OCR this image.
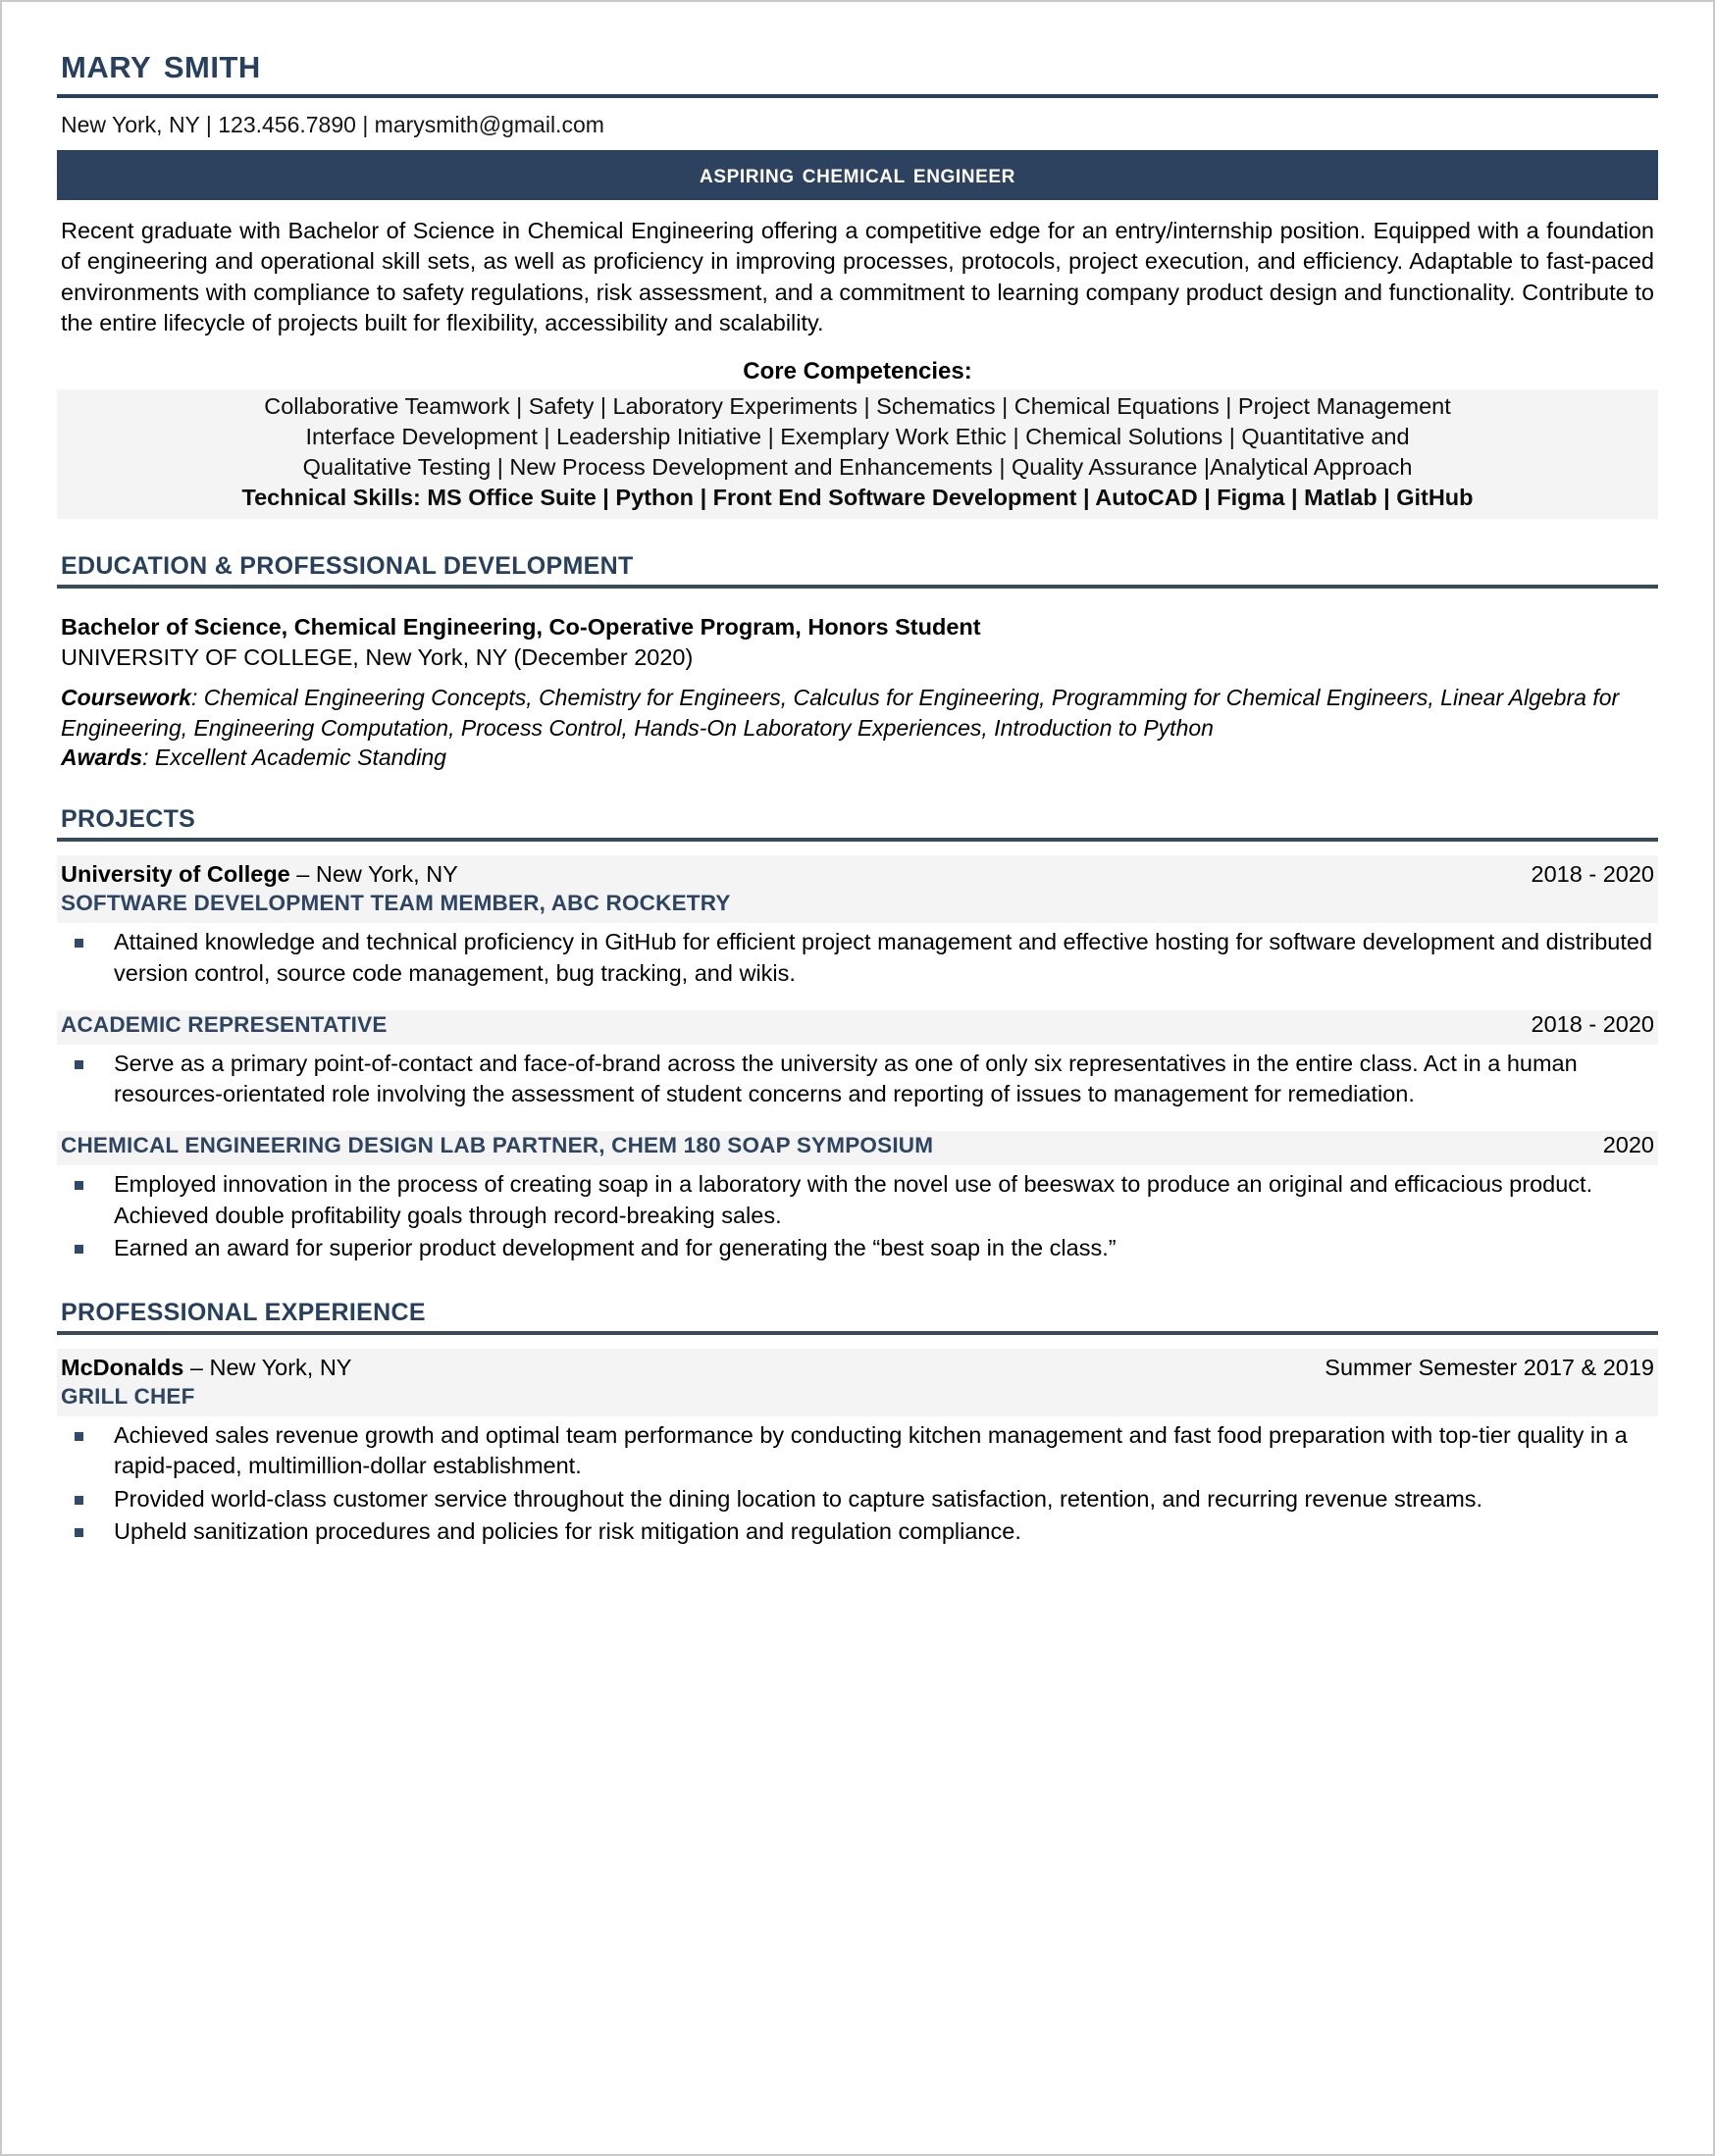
mary smith
New York, NY | 123.456.7890 | marysmith@gmail.com
aspiring chemical engineer
Recent graduate with Bachelor of Science in Chemical Engineering offering a competitive edge for an entry/internship position. Equipped with a foundation of engineering and operational skill sets, as well as proficiency in improving processes, protocols, project execution, and efficiency. Adaptable to fast-paced environments with compliance to safety regulations, risk assessment, and a commitment to learning company product design and functionality. Contribute to the entire lifecycle of projects built for flexibility, accessibility and scalability.
Core Competencies:
Collaborative Teamwork | Safety | Laboratory Experiments | Schematics | Chemical Equations | Project Management
Interface Development | Leadership Initiative | Exemplary Work Ethic | Chemical Solutions | Quantitative and
Qualitative Testing | New Process Development and Enhancements | Quality Assurance |Analytical Approach
Technical Skills: MS Office Suite | Python | Front End Software Development | AutoCAD | Figma | Matlab | GitHub
EDUCATION & PROFESSIONAL DEVELOPMENT
Bachelor of Science, Chemical Engineering, Co-Operative Program, Honors Student
UNIVERSITY OF COLLEGE, New York, NY (December 2020)
Coursework: Chemical Engineering Concepts, Chemistry for Engineers, Calculus for Engineering, Programming for Chemical Engineers, Linear Algebra for Engineering, Engineering Computation, Process Control, Hands-On Laboratory Experiences, Introduction to Python
Awards: Excellent Academic Standing
PROJECTS
University of College – New York, NY	2018 - 2020
SOFTWARE DEVELOPMENT TEAM MEMBER, ABC ROCKETRY
Attained knowledge and technical proficiency in GitHub for efficient project management and effective hosting for software development and distributed version control, source code management, bug tracking, and wikis.
ACADEMIC REPRESENTATIVE	2018 - 2020
Serve as a primary point-of-contact and face-of-brand across the university as one of only six representatives in the entire class. Act in a human resources-orientated role involving the assessment of student concerns and reporting of issues to management for remediation.
CHEMICAL ENGINEERING DESIGN LAB PARTNER, CHEM 180 SOAP SYMPOSIUM	2020
Employed innovation in the process of creating soap in a laboratory with the novel use of beeswax to produce an original and efficacious product. Achieved double profitability goals through record-breaking sales.
Earned an award for superior product development and for generating the “best soap in the class.”
PROFESSIONAL EXPERIENCE
McDonalds – New York, NY	Summer Semester 2017 & 2019
GRILL CHEF
Achieved sales revenue growth and optimal team performance by conducting kitchen management and fast food preparation with top-tier quality in a rapid-paced, multimillion-dollar establishment.
Provided world-class customer service throughout the dining location to capture satisfaction, retention, and recurring revenue streams.
Upheld sanitization procedures and policies for risk mitigation and regulation compliance.
